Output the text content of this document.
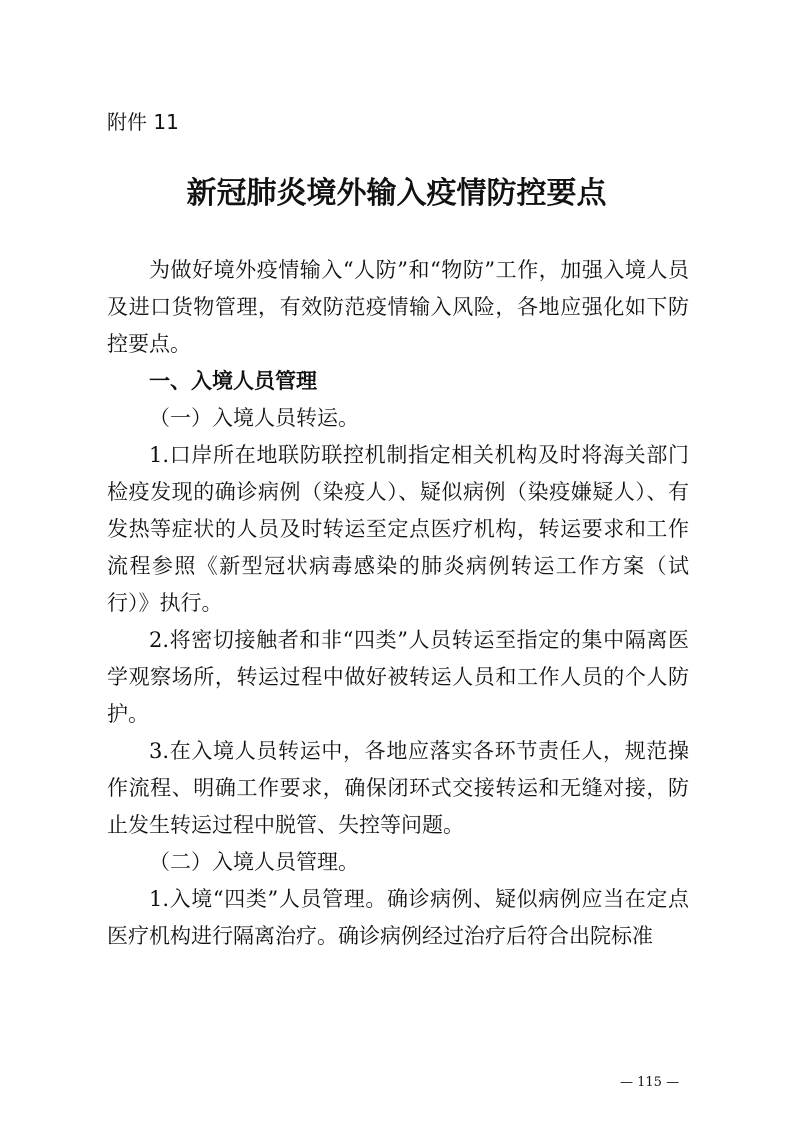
附件 11
新冠肺炎境外输入疫情防控要点

为做好境外疫情输入“人防”和“物防”工作，加强入境人员及进口货物管理，有效防范疫情输入风险，各地应强化如下防控要点。

一、入境人员管理

（一）入境人员转运。

1.口岸所在地联防联控机制指定相关机构及时将海关部门检疫发现的确诊病例（染疫人）、疑似病例（染疫嫌疑人）、有发热等症状的人员及时转运至定点医疗机构，转运要求和工作流程参照《新型冠状病毒感染的肺炎病例转运工作方案（试行）》执行。

2.将密切接触者和非“四类”人员转运至指定的集中隔离医学观察场所，转运过程中做好被转运人员和工作人员的个人防护。

3.在入境人员转运中，各地应落实各环节责任人，规范操作流程、明确工作要求，确保闭环式交接转运和无缝对接，防止发生转运过程中脱管、失控等问题。

（二）入境人员管理。

1.入境“四类”人员管理。确诊病例、疑似病例应当在定点医疗机构进行隔离治疗。确诊病例经过治疗后符合出院标准

— 115 —
